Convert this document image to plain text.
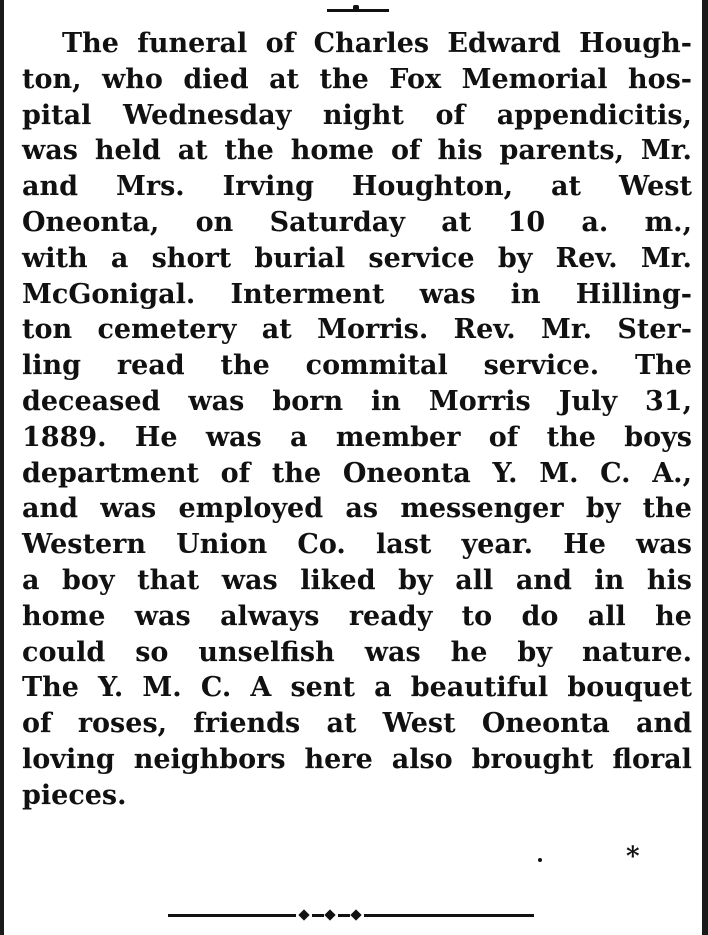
The funeral of Charles Edward Hough-
ton, who died at the Fox Memorial hos-
pital Wednesday night of appendicitis,
was held at the home of his parents, Mr.
and Mrs. Irving Houghton, at West
Oneonta, on Saturday at 10 a. m.,
with a short burial service by Rev. Mr.
McGonigal. Interment was in Hilling-
ton cemetery at Morris. Rev. Mr. Ster-
ling read the commital service. The
deceased was born in Morris July 31,
1889. He was a member of the boys
department of the Oneonta Y. M. C. A.,
and was employed as messenger by the
Western Union Co. last year. He was
a boy that was liked by all and in his
home was always ready to do all he
could so unselfish was he by nature.
The Y. M. C. A sent a beautiful bouquet
of roses, friends at West Oneonta and
loving neighbors here also brought floral
pieces.
*
